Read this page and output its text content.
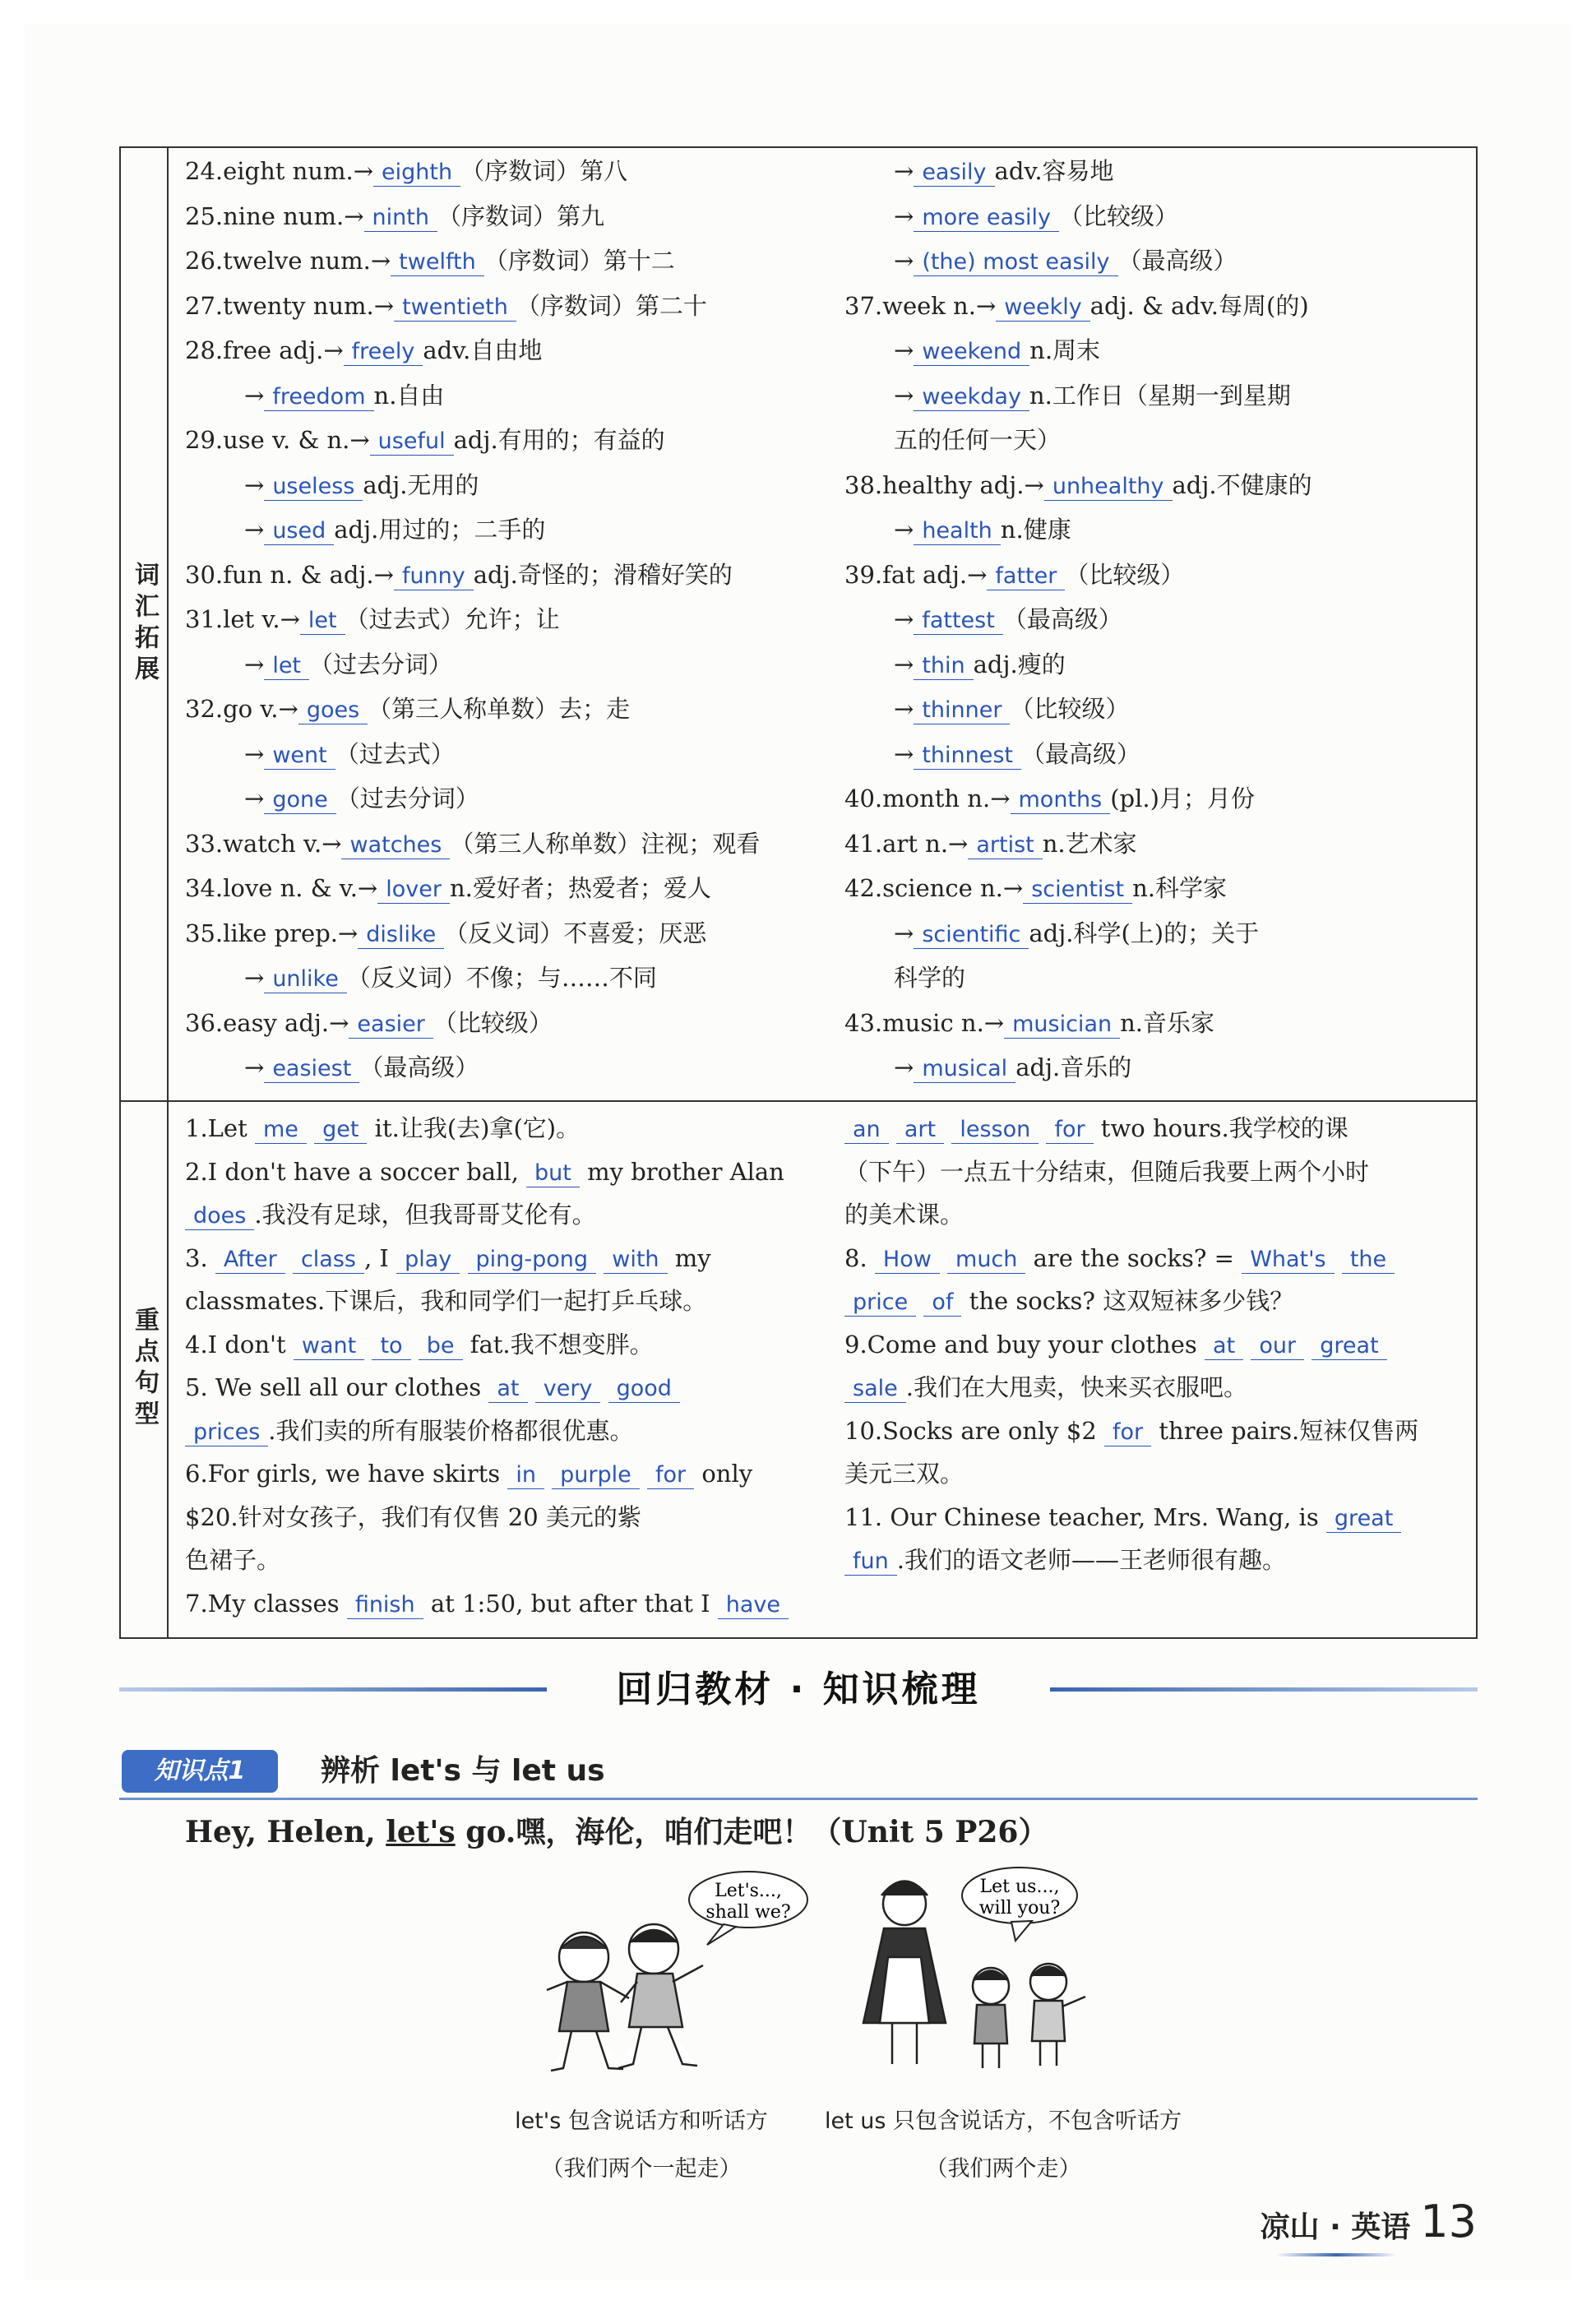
词汇拓展
重点句型
24.eight num.→ eighth （序数词）第八
25.nine num.→ ninth （序数词）第九
26.twelve num.→ twelfth （序数词）第十二
27.twenty num.→ twentieth （序数词）第二十
28.free adj.→ freely adv.自由地
→ freedom n.自由
29.use v. & n.→ useful adj.有用的；有益的
→ useless adj.无用的
→ used adj.用过的；二手的
30.fun n. & adj.→ funny adj.奇怪的；滑稽好笑的
31.let v.→ let （过去式）允许；让
→ let （过去分词）
32.go v.→ goes （第三人称单数）去；走
→ went （过去式）
→ gone （过去分词）
33.watch v.→ watches （第三人称单数）注视；观看
34.love n. & v.→ lover n.爱好者；热爱者；爱人
35.like prep.→ dislike （反义词）不喜爱；厌恶
→ unlike （反义词）不像；与……不同
36.easy adj.→ easier （比较级）
→ easiest （最高级）
→ easily adv.容易地
→ more easily （比较级）
→ (the) most easily （最高级）
37.week n.→ weekly adj. & adv.每周(的)
→ weekend n.周末
→ weekday n.工作日（星期一到星期
五的任何一天）
38.healthy adj.→ unhealthy adj.不健康的
→ health n.健康
39.fat adj.→ fatter （比较级）
→ fattest （最高级）
→ thin adj.瘦的
→ thinner （比较级）
→ thinnest （最高级）
40.month n.→ months (pl.)月；月份
41.art n.→ artist n.艺术家
42.science n.→ scientist n.科学家
→ scientific adj.科学(上)的；关于
科学的
43.music n.→ musician n.音乐家
→ musical adj.音乐的
1.Let me get it.让我(去)拿(它)。
2.I don't have a soccer ball, but my brother Alan
does .我没有足球，但我哥哥艾伦有。
3. After class , I play ping-pong with my
classmates.下课后，我和同学们一起打乒乓球。
4.I don't want to be fat.我不想变胖。
5. We sell all our clothes at very good
prices .我们卖的所有服装价格都很优惠。
6.For girls, we have skirts in purple for only
$20.针对女孩子，我们有仅售 20 美元的紫
色裙子。
7.My classes finish at 1:50, but after that I have
an art lesson for two hours.我学校的课
（下午）一点五十分结束，但随后我要上两个小时
的美术课。
8. How much are the socks? = What's the
price of the socks? 这双短袜多少钱？
9.Come and buy your clothes at our great
sale .我们在大甩卖，快来买衣服吧。
10.Socks are only $2 for three pairs.短袜仅售两
美元三双。
11. Our Chinese teacher, Mrs. Wang, is great
fun .我们的语文老师——王老师很有趣。
回归教材 · 知识梳理
知识点1	辨析 let's 与 let us
Hey, Helen, let's go.嘿，海伦，咱们走吧！（Unit 5 P26）
Let's...,
shall we?
Let us...,
will you?
let's 包含说话方和听话方
（我们两个一起走）
let us 只包含说话方，不包含听话方
（我们两个走）
凉山 · 英语 13
